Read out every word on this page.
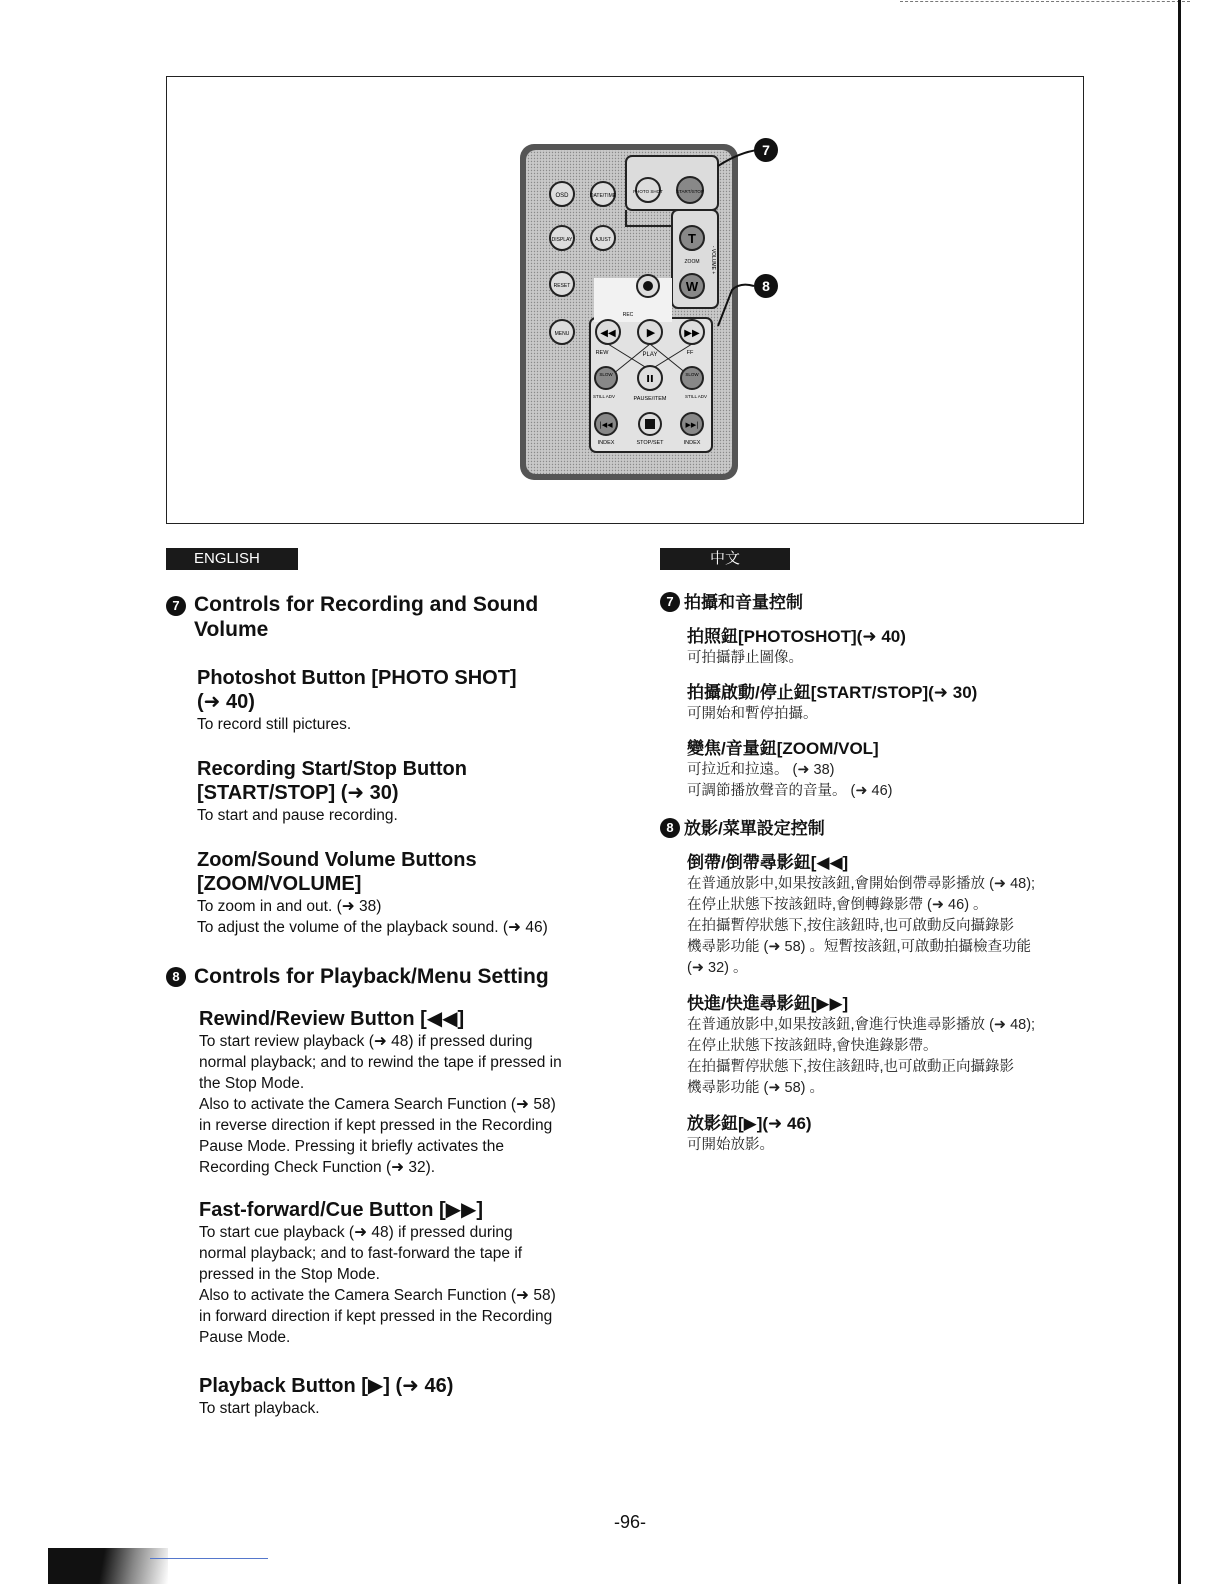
OSD	DATE/TIME
PHOTO SHOT	START/STOP
DISPLAY	AJUST
RESET
MENU
T
ZOOM
W
- VOLUME +
REC
◀◀
REW
▶
PLAY
▶▶
FF
SLOW	II	SLOW
STILL ADV	PAUSE/ITEM	STILL ADV
|◀◀	▶▶|
INDEX	STOP/SET	INDEX
7
8
ENGLISH
7 Controls for Recording and Sound Volume
Photoshot Button [PHOTO SHOT]
(➜ 40)
To record still pictures.
Recording Start/Stop Button
[START/STOP] (➜ 30)
To start and pause recording.
Zoom/Sound Volume Buttons
[ZOOM/VOLUME]
To zoom in and out. (➜ 38)
To adjust the volume of the playback sound. (➜ 46)
8 Controls for Playback/Menu Setting
Rewind/Review Button [◀◀]
To start review playback (➜ 48) if pressed during
normal playback; and to rewind the tape if pressed in
the Stop Mode.
Also to activate the Camera Search Function (➜ 58)
in reverse direction if kept pressed in the Recording
Pause Mode. Pressing it briefly activates the
Recording Check Function (➜ 32).
Fast-forward/Cue Button [▶▶]
To start cue playback (➜ 48) if pressed during
normal playback; and to fast-forward the tape if
pressed in the Stop Mode.
Also to activate the Camera Search Function (➜ 58)
in forward direction if kept pressed in the Recording
Pause Mode.
Playback Button [▶] (➜ 46)
To start playback.
中文
7 拍攝和音量控制
拍照鈕[PHOTOSHOT](➜ 40)
可拍攝靜止圖像。
拍攝啟動/停止鈕[START/STOP](➜ 30)
可開始和暫停拍攝。
變焦/音量鈕[ZOOM/VOL]
可拉近和拉遠。 (➜ 38)
可調節播放聲音的音量。 (➜ 46)
8 放影/菜單設定控制
倒帶/倒帶尋影鈕[◀◀]
在普通放影中,如果按該鈕,會開始倒帶尋影播放 (➜ 48);
在停止狀態下按該鈕時,會倒轉錄影帶 (➜ 46) 。
在拍攝暫停狀態下,按住該鈕時,也可啟動反向攝錄影
機尋影功能 (➜ 58) 。短暫按該鈕,可啟動拍攝檢查功能
(➜ 32) 。
快進/快進尋影鈕[▶▶]
在普通放影中,如果按該鈕,會進行快進尋影播放 (➜ 48);
在停止狀態下按該鈕時,會快進錄影帶。
在拍攝暫停狀態下,按住該鈕時,也可啟動正向攝錄影
機尋影功能 (➜ 58) 。
放影鈕[▶](➜ 46)
可開始放影。
-96-
